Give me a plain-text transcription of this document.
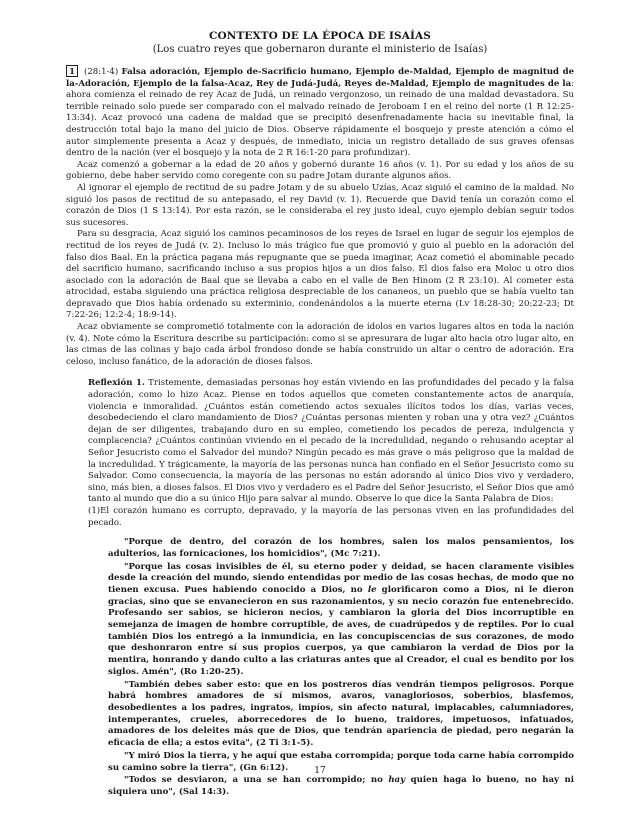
CONTEXTO DE LA ÉPOCA DE ISAÍAS
(Los cuatro reyes que gobernaron durante el ministerio de Isaías)

1 (28:1-4) Falsa adoración, Ejemplo de-Sacrificio humano, Ejemplo de-Maldad, Ejemplo de magnitud de la-Adoración, Ejemplo de la falsa-Acaz, Rey de Judá-Judá, Reyes de-Maldad, Ejemplo de magnitudes de la: ahora comienza el reinado de rey Acaz de Judá, un reinado vergonzoso, un reinado de una maldad devastadora. Su terrible reinado solo puede ser comparado con el malvado reinado de Jeroboam I en el reino del norte (1 R 12:25-13:34). Acaz provocó una cadena de maldad que se precipitó desenfrenadamente hacia su inevitable final, la destrucción total bajo la mano del juicio de Dios. Observe rápidamente el bosquejo y preste atención a cómo el autor simplemente presenta a Acaz y después, de inmediato, inicia un registro detallado de sus graves ofensas dentro de la nación (ver el bosquejo y la nota de 2 R 16:1-20 para profundizar).

Acaz comenzó a gobernar a la edad de 20 años y gobernó durante 16 años (v. 1). Por su edad y los años de su gobierno, debe haber servido como coregente con su padre Jotam durante algunos años.

Al ignorar el ejemplo de rectitud de su padre Jotam y de su abuelo Uzías, Acaz siguió el camino de la maldad. No siguió los pasos de rectitud de su antepasado, el rey David (v. 1). Recuerde que David tenía un corazón como el corazón de Dios (1 S 13:14). Por esta razón, se le consideraba el rey justo ideal, cuyo ejemplo debían seguir todos sus sucesores.

Para su desgracia, Acaz siguió los caminos pecaminosos de los reyes de Israel en lugar de seguir los ejemplos de rectitud de los reyes de Judá (v. 2). Incluso lo más trágico fue que promovió y guio al pueblo en la adoración del falso dios Baal. En la práctica pagana más repugnante que se pueda imaginar, Acaz cometió el abominable pecado del sacrificio humano, sacrificando incluso a sus propios hijos a un dios falso. El dios falso era Moloc u otro dios asociado con la adoración de Baal que se llevaba a cabo en el valle de Ben Hinom (2 R 23:10). Al cometer esta atrocidad, estaba siguiendo una práctica religiosa despreciable de los cananeos, un pueblo que se había vuelto tan depravado que Dios había ordenado su exterminio, condenándolos a la muerte eterna (Lv 18:28-30; 20:22-23; Dt 7:22-26; 12:2-4; 18:9-14).

Acaz obviamente se comprometió totalmente con la adoración de ídolos en varios lugares altos en toda la nación (v. 4). Note cómo la Escritura describe su participación: como si se apresurara de lugar alto hacia otro lugar alto, en las cimas de las colinas y bajo cada árbol frondoso donde se había construido un altar o centro de adoración. Era celoso, incluso fanático, de la adoración de dioses falsos.

Reflexión 1. Tristemente, demasiadas personas hoy están viviendo en las profundidades del pecado y la falsa adoración, como lo hizo Acaz. Piense en todos aquellos que cometen constantemente actos de anarquía, violencia e inmoralidad. ¿Cuántos están cometiendo actos sexuales ilícitos todos los días, varias veces, desobedeciendo el claro mandamiento de Dios? ¿Cuántas personas mienten y roban una y otra vez? ¿Cuántos dejan de ser diligentes, trabajando duro en su empleo, cometiendo los pecados de pereza, indulgencia y complacencia? ¿Cuántos continúan viviendo en el pecado de la incredulidad, negando o rehusando aceptar al Señor Jesucristo como el Salvador del mundo? Ningún pecado es más grave o más peligroso que la maldad de la incredulidad. Y trágicamente, la mayoría de las personas nunca han confiado en el Señor Jesucristo como su Salvador. Como consecuencia, la mayoría de las personas no están adorando al único Dios vivo y verdadero, sino, más bien, a dioses falsos. El Dios vivo y verdadero es el Padre del Señor Jesucristo, el Señor Dios que amó tanto al mundo que dio a su único Hijo para salvar al mundo. Observe lo que dice la Santa Palabra de Dios:

(1)El corazón humano es corrupto, depravado, y la mayoría de las personas viven en las profundidades del pecado.

"Porque de dentro, del corazón de los hombres, salen los malos pensamientos, los adulterios, las fornicaciones, los homicidios", (Mc 7:21).

"Porque las cosas invisibles de él, su eterno poder y deidad, se hacen claramente visibles desde la creación del mundo, siendo entendidas por medio de las cosas hechas, de modo que no tienen excusa. Pues habiendo conocido a Dios, no le glorificaron como a Dios, ni le dieron gracias, sino que se envanecieron en sus razonamientos, y su necio corazón fue entenebrecido. Profesando ser sabios, se hicieron necios, y cambiaron la gloria del Dios incorruptible en semejanza de imagen de hombre corruptible, de aves, de cuadrúpedos y de reptiles. Por lo cual también Dios los entregó a la inmundicia, en las concupiscencias de sus corazones, de modo que deshonraron entre sí sus propios cuerpos, ya que cambiaron la verdad de Dios por la mentira, honrando y dando culto a las criaturas antes que al Creador, el cual es bendito por los siglos. Amén", (Ro 1:20-25).

"También debes saber esto: que en los postreros días vendrán tiempos peligrosos. Porque habrá hombres amadores de sí mismos, avaros, vanagloriosos, soberbios, blasfemos, desobedientes a los padres, ingratos, impíos, sin afecto natural, implacables, calumniadores, intemperantes, crueles, aborrecedores de lo bueno, traidores, impetuosos, infatuados, amadores de los deleites más que de Dios, que tendrán apariencia de piedad, pero negarán la eficacia de ella; a estos evita", (2 Ti 3:1-5).

"Y miró Dios la tierra, y he aquí que estaba corrompida; porque toda carne había corrompido su camino sobre la tierra", (Gn 6:12).

"Todos se desviaron, a una se han corrompido; no hay quien haga lo bueno, no hay ni siquiera uno", (Sal 14:3).

17
